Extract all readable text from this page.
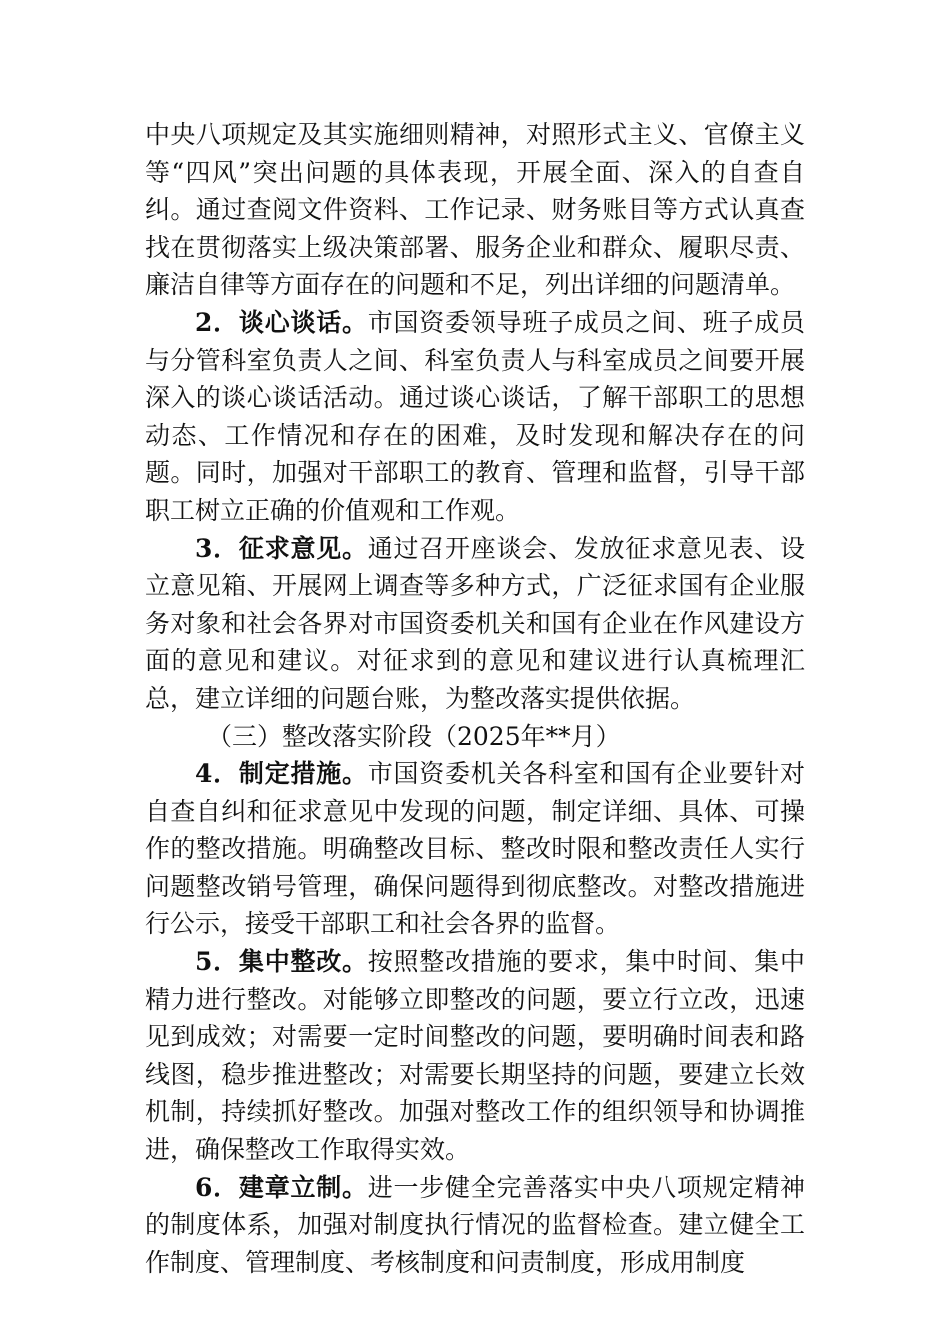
中央八项规定及其实施细则精神，对照形式主义、官僚主义等“四风”突出问题的具体表现，开展全面、深入的自查自纠。通过查阅文件资料、工作记录、财务账目等方式认真查找在贯彻落实上级决策部署、服务企业和群众、履职尽责、廉洁自律等方面存在的问题和不足，列出详细的问题清单。

2．谈心谈话。市国资委领导班子成员之间、班子成员与分管科室负责人之间、科室负责人与科室成员之间要开展深入的谈心谈话活动。通过谈心谈话，了解干部职工的思想动态、工作情况和存在的困难，及时发现和解决存在的问题。同时，加强对干部职工的教育、管理和监督，引导干部职工树立正确的价值观和工作观。

3．征求意见。通过召开座谈会、发放征求意见表、设立意见箱、开展网上调查等多种方式，广泛征求国有企业服务对象和社会各界对市国资委机关和国有企业在作风建设方面的意见和建议。对征求到的意见和建议进行认真梳理汇总，建立详细的问题台账，为整改落实提供依据。

（三）整改落实阶段（2025年**月）

4．制定措施。市国资委机关各科室和国有企业要针对自查自纠和征求意见中发现的问题，制定详细、具体、可操作的整改措施。明确整改目标、整改时限和整改责任人实行问题整改销号管理，确保问题得到彻底整改。对整改措施进行公示，接受干部职工和社会各界的监督。

5．集中整改。按照整改措施的要求，集中时间、集中精力进行整改。对能够立即整改的问题，要立行立改，迅速见到成效；对需要一定时间整改的问题，要明确时间表和路线图，稳步推进整改；对需要长期坚持的问题，要建立长效机制，持续抓好整改。加强对整改工作的组织领导和协调推进，确保整改工作取得实效。

6．建章立制。进一步健全完善落实中央八项规定精神的制度体系，加强对制度执行情况的监督检查。建立健全工作制度、管理制度、考核制度和问责制度，形成用制度
